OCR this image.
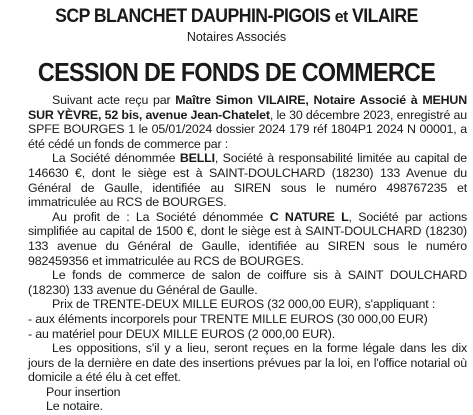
SCP BLANCHET DAUPHIN-PIGOIS et VILAIRE
Notaires Associés
CESSION DE FONDS DE COMMERCE

Suivant acte reçu par Maître Simon VILAIRE, Notaire Associé à MEHUN SUR YÈVRE, 52 bis, avenue Jean-Chatelet, le 30 décembre 2023, enregistré au SPFE BOURGES 1 le 05/01/2024 dossier 2024 179 réf 1804P1 2024 N 00001, a été cédé un fonds de commerce par :

La Société dénommée BELLI, Société à responsabilité limitée au capital de 146630 €, dont le siège est à SAINT-DOULCHARD (18230) 133 Avenue du Général de Gaulle, identifiée au SIREN sous le numéro 498767235 et immatriculée au RCS de BOURGES.

Au profit de : La Société dénommée C NATURE L, Société par actions simplifiée au capital de 1500 €, dont le siège est à SAINT-DOULCHARD (18230) 133 avenue du Général de Gaulle, identifiée au SIREN sous le numéro 982459356 et immatriculée au RCS de BOURGES.

Le fonds de commerce de salon de coiffure sis à SAINT DOULCHARD (18230) 133 avenue du Général de Gaulle.

Prix de TRENTE-DEUX MILLE EUROS (32 000,00 EUR), s'appliquant :

- aux éléments incorporels pour TRENTE MILLE EUROS (30 000,00 EUR)

- au matériel pour DEUX MILLE EUROS (2 000,00 EUR).

Les oppositions, s'il y a lieu, seront reçues en la forme légale dans les dix jours de la dernière en date des insertions prévues par la loi, en l'office notarial où domicile a été élu à cet effet.

Pour insertion

Le notaire.
